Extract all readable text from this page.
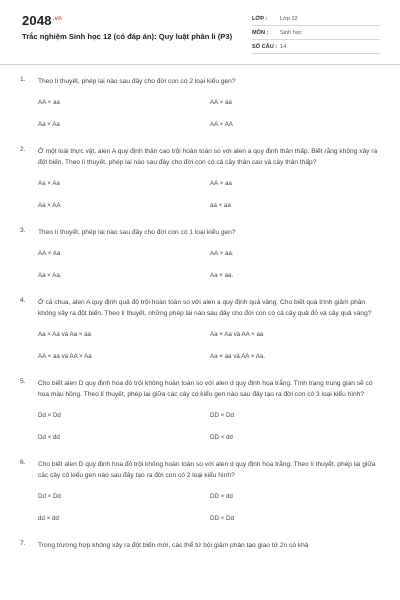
$2048^{.vn}$
Trắc nghiệm Sinh học 12 (có đáp án): Quy luật phân li (P3)
LỚP :	Lớp 12
MÔN :	Sinh học
SỐ CÂU : 14
1. Theo lí thuyết, phép lai nào sau đây cho đời con có 2 loại kiểu gen?
AA × aa	AA × aa
Aa × Aa	AA × AA
2. Ở một loài thực vật, alen A quy định thân cao trội hoàn toàn so với alen a quy định thân thấp. Biết rằng không xảy ra đột biến. Theo lí thuyết, phép lai nào sau đây cho đời con có cả cây thân cao và cây thân thấp?
Aa × Aa	AA × aa
Aa × AA	aa × aa
3. Theo lí thuyết, phép lai nào sau đây cho đời con có 1 loại kiểu gen?
AA × Aa	AA × aa.
Aa × Aa.	Aa × aa.
4. Ở cà chua, alen A quy định quả đỏ trội hoàn toàn so với alen a quy định quả vàng. Cho biết quá trình giảm phân không xảy ra đột biến. Theo lí thuyết, những phép lai nào sau đây cho đời con có cả cây quả đỏ và cây quả vàng?
Aa × Aa và Aa × aa	Aa × Aa và AA × aa
AA × aa và AA × Aa	Aa × aa và AA × Aa.
5. Cho biết alen D quy định hoa đỏ trội không hoàn toàn so với alen d quy định hoa trắng. Tính trạng trung gian sẽ có hoa màu hồng. Theo lí thuyết, phép lai giữa các cây có kiểu gen nào sau đây tạo ra đời con có 3 loại kiểu hình?
Dd × Dd	DD × Dd
Dd × dd	DD × dd
6. Cho biết alen D quy định hoa đỏ trội không hoàn toàn so với alen d quy định hoa trắng. Theo lí thuyết, phép lai giữa các cây có kiểu gen nào sau đây tạo ra đời con có 2 loại kiểu hình?
Dd × Dd	DD × dd
dd × dd	DD × Dd
7. Trong trường hợp không xảy ra đột biến mới, các thể tứ bội giảm phân tạo giao tử 2n có khả
